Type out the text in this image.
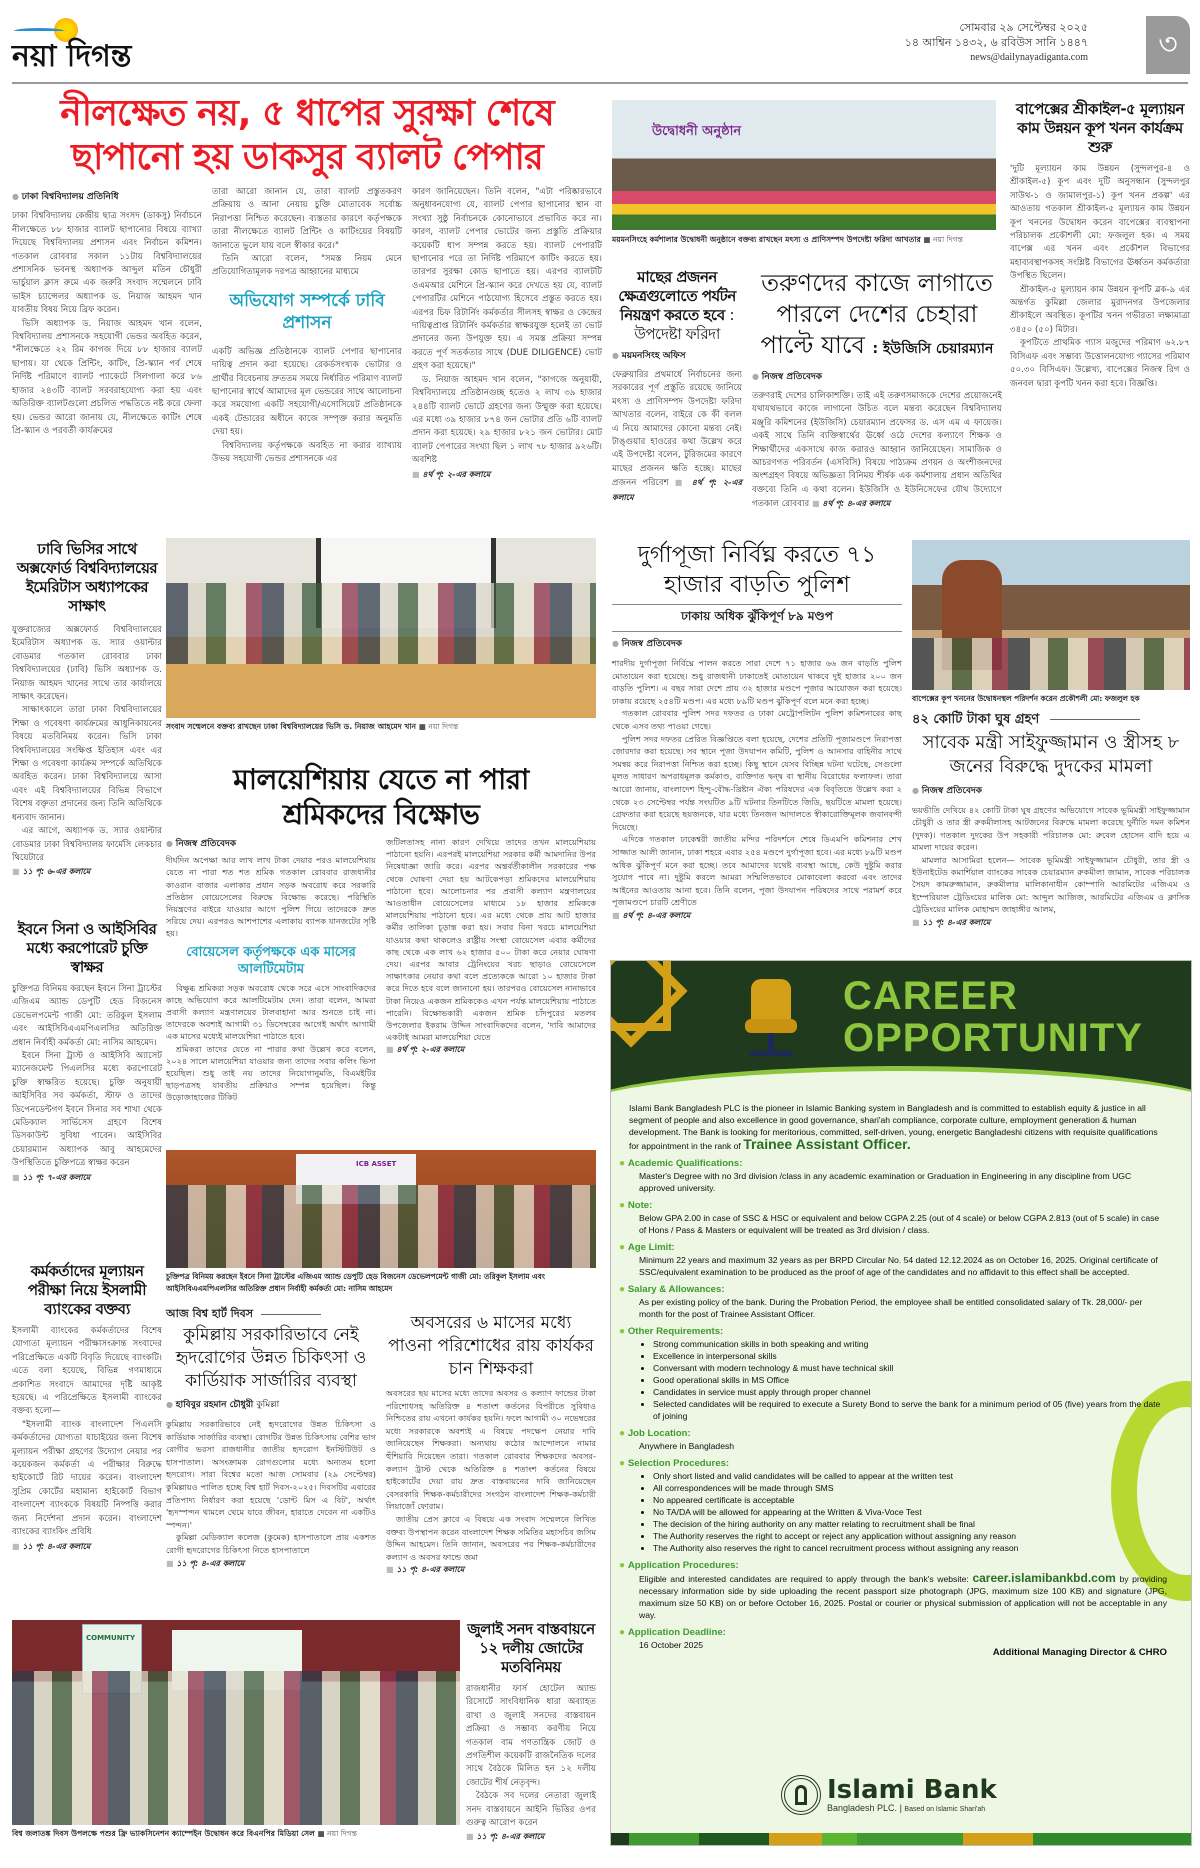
নয়া দিগন্ত
সোমবার ২৯ সেপ্টেম্বর ২০২৫
১৪ আশ্বিন ১৪৩২, ৬ রবিউস সানি ১৪৪৭
news@dailynayadiganta.com	৩
নীলক্ষেত নয়, ৫ ধাপের সুরক্ষা শেষে
ছাপানো হয় ডাকসুর ব্যালট পেপার
● ঢাকা বিশ্ববিদ্যালয় প্রতিনিধি

ঢাকা বিশ্ববিদ্যালয় কেন্দ্রীয় ছাত্র সংসদ (ডাকসু) নির্বাচনে নীলক্ষেতে ৮৮ হাজার ব্যালট ছাপানোর বিষয়ে ব্যাখ্যা দিয়েছে বিশ্ববিদ্যালয় প্রশাসন এবং নির্বাচন কমিশন। গতকাল রোববার সকাল ১১টায় বিশ্ববিদ্যালয়ের প্রশাসনিক ভবনস্থ অধ্যাপক আব্দুল মতিন চৌধুরী ভার্চুয়াল ক্লাস রুমে এক জরুরি সংবাদ সম্মেলনে ঢাবি ভাইস চ্যান্সেলর অধ্যাপক ড. নিয়াজ আহমদ খান যাবতীয় বিষয় নিয়ে ব্রিফ করেন।

ভিসি অধ্যাপক ড. নিয়াজ আহমদ খান বলেন, বিশ্ববিদ্যালয় প্রশাসনকে সহযোগী ভেন্ডর অবহিত করেন, "নীলক্ষেতে ২২ রিম কাগজ দিয়ে ৮৮ হাজার ব্যালট ছাপায়। যা থেকে প্রিন্টিং, কাটিং, প্রি-স্ক্যান পর্ব শেষে নির্দিষ্ট পরিমাণে ব্যালট প্যাকেটে সিলগালা করে ৮৬ হাজার ২৪৩টি ব্যালট সরবরাহযোগ্য করা হয় এবং অতিরিক্ত ব্যালটগুলো প্রচলিত পদ্ধতিতে নষ্ট করে ফেলা হয়। ভেন্ডর আরো জানায় যে, নীলক্ষেতে কাটিং শেষে প্রি-স্ক্যান ও পরবর্তী কার্যক্রমের

তারা আরো জানান যে, তারা ব্যালট প্রস্তুতকরণ প্রক্রিয়ায় ও আনা নেয়ায় চুক্তি মোতাবেক সর্বোচ্চ নিরাপত্তা নিশ্চিত করেছেন। ব্যস্ততার কারণে কর্তৃপক্ষকে তারা নীলক্ষেতে ব্যালট প্রিন্টিং ও কাটিংয়ের বিষয়টি জানাতে ভুলে যায় বলে স্বীকার করে।"

তিনি আরো বলেন, "সমস্ত নিয়ম মেনে প্রতিযোগিতামূলক দরপত্র আহ্বানের মাধ্যমে

অভিযোগ সম্পর্কে ঢাবি প্রশাসন

একটি অভিজ্ঞ প্রতিষ্ঠানকে ব্যালট পেপার ছাপানোর দায়িত্ব প্রদান করা হয়েছে। রেকর্ডসংখ্যক ভোটার ও প্রার্থীর বিবেচনায় দ্রুততম সময়ে নির্ধারিত পরিমাণ ব্যালট ছাপানোর স্বার্থে আমাদের মূল ভেন্ডরের সাথে আলোচনা করে সমযোগ্য একটি সহযোগী/এসোসিয়েট প্রতিষ্ঠানকে একই টেন্ডারের অধীনে কাজে সম্পৃক্ত করার অনুমতি দেয়া হয়।

বিশ্ববিদ্যালয় কর্তৃপক্ষকে অবহিত না করার ব্যাখ্যায় উভয় সহযোগী ভেন্ডর প্রশাসনকে এর

কারণ জানিয়েছেন। তিনি বলেন, "এটা পরিষ্কারভাবে অনুধাবনযোগ্য যে, ব্যালট পেপার ছাপানোর স্থান বা সংখ্যা সুষ্ঠু নির্বাচনকে কোনোভাবে প্রভাবিত করে না। কারণ, ব্যালট পেপার ভোটের জন্য প্রস্তুতি প্রক্রিয়ার কয়েকটি ধাপ সম্পন্ন করতে হয়। ব্যালট পেপারটি ছাপানোর পরে তা নির্দিষ্ট পরিমাপে কাটিং করতে হয়। তারপর সুরক্ষা কোড ছাপাতে হয়। এরপর ব্যালটটি ওএমআর মেশিনে প্রি-স্ক্যান করে দেখতে হয় যে, ব্যালট পেপারটির মেশিনে পাঠযোগ্য হিসেবে প্রস্তুত করতে হয়। এরপর চিফ রিটার্নিং কর্মকর্তার সীলসহ স্বাক্ষর ও কেন্দ্রের দায়িত্বপ্রাপ্ত রিটার্নিং কর্মকর্তার স্বাক্ষরযুক্ত হলেই তা ভোট প্রদানের জন্য উপযুক্ত হয়। এ সমস্ত প্রক্রিয়া সম্পন্ন করতে পূর্ণ সতর্কতার সাথে (DUE DILIGENCE) ভোট গ্রহণ করা হয়েছে।"

ড. নিয়াজ আহমদ খান বলেন, "কাগজে অনুযায়ী, বিশ্ববিদ্যালয়ে প্রতিষ্ঠানগুচ্ছ হতেও ২ লাখ ৩৯ হাজার ২৪৪টি ব্যালট ভোটে গ্রহণের জন্য উন্মুক্ত করা হয়েছে। এর মধ্যে ৩৯ হাজার ৮৭৪ জন ভোটার প্রতি ৬টি ব্যালট প্রদান করা হয়েছে। ২৯ হাজার ৮২১ জন ভোটার। মোট ব্যালট পেপারের সংখ্যা ছিল ১ লাখ ৭৮ হাজার ৯২৬টি। অবশিষ্ট

■ ৪র্থ পৃ: ২-এর কলামে
উদ্বোধনী অনুষ্ঠান
ময়মনসিংহে কর্মশালার উদ্বোধনী অনুষ্ঠানে বক্তব্য রাখছেন মৎস্য ও প্রাণিসম্পদ উপদেষ্টা ফরিদা আখতার ■ নয়া দিগন্ত
মাছের প্রজনন ক্ষেত্রগুলোতে পর্যটন নিয়ন্ত্রণ করতে হবে : উপদেষ্টা ফরিদা
● ময়মনসিংহ অফিস
ফেব্রুয়ারির প্রথমার্ধে নির্বাচনের জন্য সরকারের পূর্ণ প্রস্তুতি রয়েছে জানিয়ে মৎস্য ও প্রাণিসম্পদ উপদেষ্টা ফরিদা আখতার বলেন, বাইরে কে কী বলল এ নিয়ে আমাদের কোনো মন্তব্য নেই। টাঙ্গুয়ার হাওরের কথা উল্লেখ করে এই উপদেষ্টা বলেন, টুরিজমের কারণে মাছের প্রজনন ক্ষতি হচ্ছে। মাছের প্রজনন পরিবেশ	■ ৪র্থ পৃ: ২-এর কলামে
তরুণদের কাজে লাগাতে পারলে দেশের চেহারা পাল্টে যাবে : ইউজিসি চেয়ারম্যান
● নিজস্ব প্রতিবেদক
তরুণরাই দেশের চালিকাশক্তি। তাই এই তরুণসমাজকে দেশের প্রয়োজনেই যথাযথভাবে কাজে লাগানো উচিত বলে মন্তব্য করেছেন বিশ্ববিদ্যালয় মঞ্জুরি কমিশনের (ইউজিসি) চেয়ারম্যান প্রফেসর ড. এস এম এ ফায়েজ। একই সাথে তিনি ব্যক্তিস্বার্থের ঊর্ধ্বে ওঠে দেশের কল্যাণে শিক্ষক ও শিক্ষার্থীদের একসাথে কাজ করারও আহ্বান জানিয়েছেন। সামাজিক ও আচরণগত পরিবর্তন (এসবিসি) বিষয়ে পাঠ্যক্রম প্রণয়ন ও অংশীজনদের অংশগ্রহণ বিষয়ে অভিজ্ঞতা বিনিময় শীর্ষক এক কর্মশালায় প্রধান অতিথির বক্তব্যে তিনি এ কথা বলেন। ইউজিসি ও ইউনিসেফের যৌথ উদ্যোগে গতকাল রোববার ■ ৪র্থ পৃ: ৪-এর কলামে
বাপেক্সের শ্রীকাইল-৫ মূল্যায়ন কাম উন্নয়ন কূপ খনন কার্যক্রম শুরু

'দুটি মূল্যায়ন কাম উন্নয়ন (সুন্দলপুর-৪ ও শ্রীকাইল-৫) কূপ এবং দুটি অনুসন্ধান (সুন্দলপুর সাউথ-১ ও জামালপুর-১) কূপ খনন প্রকল্প' এর আওতায় গতকাল শ্রীকাইল-৫ মূল্যায়ন কাম উন্নয়ন কূপ খননের উদ্বোধন করেন বাপেক্সের ব্যবস্থাপনা পরিচালক প্রকৌশলী মো: ফজলুল হক। এ সময় বাপেক্স এর খনন এবং প্রকৌশল বিভাগের মহাব্যবস্থাপকসহ সংশ্লিষ্ট বিভাগের ঊর্ধ্বতন কর্মকর্তারা উপস্থিত ছিলেন।

শ্রীকাইল-৫ মূল্যায়ন কাম উন্নয়ন কূপটি ব্লক-৯ এর অন্তর্গত কুমিল্লা জেলার মুরাদনগর উপজেলার শ্রীকাইলে অবস্থিত। কূপটির খনন গভীরতা লক্ষ্যমাত্রা ৩৪৫০ (৫০) মিটার।

কূপটিতে প্রাথমিক গ্যাস মজুদের পরিমাণ ৬২.৮৭ বিসিএফ এবং সম্ভাব্য উত্তোলনযোগ্য গ্যাসের পরিমাণ ৫০.৩০ বিসিএফ। উল্লেখ্য, বাপেক্সের নিজস্ব রিগ ও জনবল দ্বারা কূপটি খনন করা হবে। বিজ্ঞপ্তি।

ঢাবি ভিসির সাথে অক্সফোর্ড বিশ্ববিদ্যালয়ের ইমেরিটাস অধ্যাপকের সাক্ষাৎ

যুক্তরাজ্যের অক্সফোর্ড বিশ্ববিদ্যালয়ের ইমেরিটাস অধ্যাপক ড. স্যার ওয়াল্টার বোডমার গতকাল রোববার ঢাকা বিশ্ববিদ্যালয়ের (ঢাবি) ভিসি অধ্যাপক ড. নিয়াজ আহমদ খানের সাথে তার কার্যালয়ে সাক্ষাৎ করেছেন।

সাক্ষাৎকালে তারা ঢাকা বিশ্ববিদ্যালয়ের শিক্ষা ও গবেষণা কার্যক্রমের আধুনিকায়নের বিষয়ে মতবিনিময় করেন। ভিসি ঢাকা বিশ্ববিদ্যালয়ের সংক্ষিপ্ত ইতিহাস এবং এর শিক্ষা ও গবেষণা কার্যক্রম সম্পর্কে অতিথিকে অবহিত করেন। ঢাকা বিশ্ববিদ্যালয়ে আসা এবং এই বিশ্ববিদ্যালয়ের বিভিন্ন বিভাগে বিশেষ বক্তৃতা প্রদানের জন্য তিনি অতিথিকে ধন্যবাদ জানান।

এর আগে, অধ্যাপক ড. স্যার ওয়াল্টার বোডমার ঢাকা বিশ্ববিদ্যালয় ফার্মেসি লেকচার থিয়েটারে

■ ১১ পৃ: ৬-এর কলামে
সংবাদ সম্মেলনে বক্তব্য রাখছেন ঢাকা বিশ্ববিদ্যালয়ের ভিসি ড. নিয়াজ আহমেদ খান ■ নয়া দিগন্ত
মালয়েশিয়ায় যেতে না পারা শ্রমিকদের বিক্ষোভ
● নিজস্ব প্রতিবেদক

দীর্ঘদিন অপেক্ষা আর লাখ লাখ টাকা দেয়ার পরও মালয়েশিয়ায় যেতে না পারা শত শত শ্রমিক গতকাল রোববার রাজধানীর কাওরান বাজার এলাকার প্রধান সড়ক অবরোধ করে সরকারি প্রতিষ্ঠান বোয়েসেলের বিরুদ্ধে বিক্ষোভ করেছে। পরিস্থিতি নিয়ন্ত্রণের বাইরে যাওয়ার আগে পুলিশ গিয়ে তাদেরকে দ্রুত সরিয়ে দেয়। এরপরও আশপাশের এলাকায় ব্যাপক যানজটের সৃষ্টি হয়।

বোয়েসেল কর্তৃপক্ষকে এক মাসের আলটিমেটাম

বিক্ষুব্ধ শ্রমিকরা সড়ক অবরোধ থেকে সরে এসে সাংবাদিকদের কাছে অভিযোগ করে আলটিমেটাম দেন। তারা বলেন, আমরা প্রবাসী কল্যাণ মন্ত্রণালয়ের টালবাহানা আর শুনতে চাই না। তাদেরকে অবশ্যই আগামী ৩১ ডিসেম্বরের আগেই অর্থাৎ আগামী এক মাসের মধ্যেই মালয়েশিয়া পাঠাতে হবে।

শ্রমিকরা তাদের যেতে না পারার কথা উল্লেখ করে বলেন, ২০২৪ সালে মালয়েশিয়া যাওয়ার জন্য তাদের সবার কলিং ভিসা হয়েছিল। শুধু তাই নয় তাদের নিয়োগানুমতি, বিএমইটির ছাড়পত্রসহ যাবতীয় প্রক্রিয়াও সম্পন্ন হয়েছিল। কিন্তু উড়োজাহাজের টিকিট

জটিলতাসহ নানা কারণ দেখিয়ে তাদের তখন মালয়েশিয়ায় পাঠানো হয়নি। এরপরই মালয়েশিয়া সরকার কর্মী আমদানির উপর নিষেধাজ্ঞা জারি করে। এরপর অন্তর্বর্তীকালীন সরকারের পক্ষ থেকে ঘোষণা দেয়া হয় আটকেপড়া শ্রমিকদের মালয়েশিয়ায় পাঠানো হবে। আলোচনার পর প্রবাসী কল্যাণ মন্ত্রণালয়ের আওতাধীন বোয়েসেলের মাধ্যমে ১৮ হাজার শ্রমিককে মালয়েশিয়ায় পাঠানো হবে। এর মধ্যে থেকে প্রায় আট হাজার কর্মীর তালিকা চূড়ান্ত করা হয়। সবার বিনা খরচে মালয়েশিয়া যাওয়ার কথা থাকলেও রাষ্ট্রীয় সংস্থা বোয়েসেল এবার কর্মীদের কাছ থেকে এক লাখ ৬২ হাজার ৫০০ টাকা করে নেয়ার ঘোষণা দেয়। এরপর আবার ট্রেনিংয়ের খরচ ছাড়াও বোয়েসেলে সাক্ষাৎকার নেয়ার কথা বলে প্রত্যেককে আরো ১০ হাজার টাকা করে দিতে হবে বলে জানানো হয়। তারপরও বোয়েসেল নানাভাবে টাকা নিয়েও একজন শ্রমিককেও এখন পর্যন্ত মালয়েশিয়ায় পাঠাতে পারেনি। বিক্ষোভকারী একজন শ্রমিক চাঁদপুরের মতলব উপজেলার ইকরাম উদ্দিন সাংবাদিকদের বলেন, 'দাবি আমাদের একটাই আমরা মালয়েশিয়া যেতে

■ ৪র্থ পৃ: ২-এর কলামে
দুর্গাপূজা নির্বিঘ্ন করতে ৭১ হাজার বাড়তি পুলিশ
ঢাকায় অধিক ঝুঁকিপূর্ণ ৮৯ মণ্ডপ
● নিজস্ব প্রতিবেদক

শারদীয় দুর্গাপূজা নির্বিঘ্নে পালন করতে সারা দেশে ৭১ হাজার ৬৬ জন বাড়তি পুলিশ মোতায়েন করা হয়েছে। শুধু রাজধানী ঢাকাতেই মোতায়েন থাকবে দুই হাজার ২০০ জন বাড়তি পুলিশ। এ বছর সারা দেশে প্রায় ৩২ হাজার মণ্ডপে পূজার আয়োজন করা হয়েছে। ঢাকায় রয়েছে ২৫৪টি মণ্ডপ। এর মধ্যে ৮৯টি মণ্ডপ ঝুঁকিপূর্ণ বলে মনে করা হচ্ছে।

গতকাল রোববার পুলিশ সদর দফতর ও ঢাকা মেট্রোপলিটন পুলিশ কমিশনারের কাছ থেকে এসব তথ্য পাওয়া গেছে।

পুলিশ সদর দফতর প্রেরিত বিজ্ঞপ্তিতে বলা হয়েছে, দেশের প্রতিটি পূজামণ্ডপে নিরাপত্তা জোরদার করা হয়েছে। সব স্থানে পূজা উদযাপন কমিটি, পুলিশ ও আনসার বাহিনীর সাথে সমন্বয় করে নিরাপত্তা নিশ্চিত করা হচ্ছে। কিছু স্থানে যেসব বিচ্ছিন্ন ঘটনা ঘটেছে, সেগুলো মূলত সাধারণ অপরাধমূলক কর্মকাণ্ড, ব্যক্তিগত দ্বন্দ্ব বা স্থানীয় বিরোধের ফলাফল। তারা আরো জানায়, বাংলাদেশ হিন্দু-বৌদ্ধ-খ্রিষ্টান ঐক্য পরিষদের এক বিবৃতিতে উল্লেখ করা ২ থেকে ২৩ সেপ্টেম্বর পর্যন্ত সংঘটিত ৯টি ঘটনার তিনটিতে জিডি, ছয়টিতে মামলা হয়েছে। গ্রেফতার করা হয়েছে ছয়জনকে, যার মধ্যে তিনজন আদালতে স্বীকারোক্তিমূলক জবানবন্দী দিয়েছে।

এদিকে গতকাল ঢাকেশ্বরী জাতীয় মন্দির পরিদর্শনে শেষে ডিএমপি কমিশনার শেখ সাজ্জাত আলী জানান, ঢাকা শহরে এবার ২৫৪ মণ্ডপে দুর্গাপূজা হবে। এর মধ্যে ৮৯টি মণ্ডপ অধিক ঝুঁকিপূর্ণ মনে করা হচ্ছে। তবে আমাদের যথেষ্ট ব্যবস্থা আছে, কেউ দুষ্টুমি করার সুযোগ পাবে না। দুষ্টুমি করলে আমরা সম্মিলিতভাবে মোকাবেলা করবো এবং তাদের আইনের আওতায় আনা হবে। তিনি বলেন, পূজা উদযাপন পরিষদের সাথে পরামর্শ করে পূজামণ্ডপে চারটি শ্রেণীতে

■ ৪র্থ পৃ: ৪-এর কলামে
বাপেক্সের কূপ খননের উদ্বোধনস্থল পরিদর্শন করেন প্রকৌশলী মো: ফজলুল হক
৪২ কোটি টাকা ঘুষ গ্রহণ
সাবেক মন্ত্রী সাইফুজ্জামান ও স্ত্রীসহ ৮ জনের বিরুদ্ধে দুদকের মামলা
● নিজস্ব প্রতিবেদক

ভয়ভীতি দেখিয়ে ৪২ কোটি টাকা ঘুষ গ্রহণের অভিযোগে সাবেক ভূমিমন্ত্রী সাইফুজ্জামান চৌধুরী ও তার স্ত্রী রুকমীলাসহ আটজনের বিরুদ্ধে মামলা করেছে দুর্নীতি দমন কমিশন (দুদক)। গতকাল দুদকের উপ সহকারী পরিচালক মো: রুবেল হোসেন বাদি হয়ে এ মামলা দায়ের করেন।

মামলার আসামিরা হলেন— সাবেক ভূমিমন্ত্রী সাইফুজ্জামান চৌধুরী, তার স্ত্রী ও ইউনাইটেড কমার্শিয়াল ব্যাংকের সাবেক চেয়ারম্যান রুকমীলা জামান, সাবেক পরিচালক সৈয়দ কামরুজ্জামান, রুকমীলার মালিকানাধীন কোম্পানি আরমিটের এজিএম ও ইম্পেরিয়াল ট্রেডিংয়ের মালিক মো: আব্দুল আজিজ, আরমিটের এজিএম ও ক্লাসিক ট্রেডিংয়ের মালিক মোহাম্মদ জাহাঙ্গীর আলম,

■ ১১ পৃ: ৪-এর কলামে
ইবনে সিনা ও আইসিবির মধ্যে করপোরেট চুক্তি স্বাক্ষর

চুক্তিপত্র বিনিময় করছেন ইবনে সিনা ট্রাস্টের এজিএম অ্যান্ড ডেপুটি হেড বিজনেস ডেভেলপমেন্ট গাজী মো: তরিকুল ইসলাম এবং আইসিবিএএমপিএলসির অতিরিক্ত প্রধান নির্বাহী কর্মকর্তা মো: নাসিম আহমেদ।

ইবনে সিনা ট্রাস্ট ও আইসিবি অ্যাসেট ম্যানেজমেন্ট পিএলসির মধ্যে করপোরেট চুক্তি স্বাক্ষরিত হয়েছে। চুক্তি অনুযায়ী আইসিবির সব কর্মকর্তা, স্টাফ ও তাদের ডিপেনডেন্টগণ ইবনে সিনার সব শাখা থেকে মেডিক্যাল সার্ভিসেস গ্রহণে বিশেষ ডিসকাউন্ট সুবিধা পাবেন। আইসিবির চেয়ারম্যান অধ্যাপক আবু আহমেদের উপস্থিতিতে চুক্তিপত্রে স্বাক্ষর করেন

■ ১১ পৃ: ৭-এর কলামে
ICB ASSET
চুক্তিপত্র বিনিময় করছেন ইবনে সিনা ট্রাস্টের এজিএম অ্যান্ড ডেপুটি হেড বিজনেস ডেভেলপমেন্ট গাজী মো: তরিকুল ইসলাম এবং আইসিবিএএমপিএলসির অতিরিক্ত প্রধান নির্বাহী কর্মকর্তা মো: নাসিম আহমেদ
কর্মকর্তাদের মূল্যায়ন পরীক্ষা নিয়ে ইসলামী ব্যাংকের বক্তব্য

ইসলামী ব্যাংকের কর্মকর্তাদের বিশেষ যোগ্যতা মূল্যায়ন পরীক্ষাসংক্রান্ত সংবাদের পরিপ্রেক্ষিতে একটি বিবৃতি দিয়েছে ব্যাংকটি। এতে বলা হয়েছে, বিভিন্ন গণমাধ্যমে প্রকাশিত সংবাদে আমাদের দৃষ্টি আকৃষ্ট হয়েছে। এ পরিপ্রেক্ষিতে ইসলামী ব্যাংকের বক্তব্য হলো—

"ইসলামী ব্যাংক বাংলাদেশ পিএলসি কর্মকর্তাদের যোগ্যতা যাচাইয়ের জন্য বিশেষ মূল্যায়ন পরীক্ষা গ্রহণের উদ্যোগ নেয়ার পর কয়েকজন কর্মকর্তা এ পরীক্ষার বিরুদ্ধে হাইকোর্টে রিট দায়ের করেন। বাংলাদেশ সুপ্রিম কোর্টের মহামান্য হাইকোর্ট বিভাগ বাংলাদেশ ব্যাংককে বিষয়টি নিষ্পত্তি করার জন্য নির্দেশনা প্রদান করেন। বাংলাদেশ ব্যাংকের ব্যাংকিং প্রবিধি

■ ১১ পৃ: ৪-এর কলামে
আজ বিশ্ব হার্ট দিবস
কুমিল্লায় সরকারিভাবে নেই হৃদরোগের উন্নত চিকিৎসা ও কার্ডিয়াক সার্জারির ব্যবস্থা
● হাবিবুর রহমান চৌধুরী কুমিল্লা

কুমিল্লায় সরকারিভাবে নেই হৃদরোগের উন্নত চিকিৎসা ও কার্ডিয়াক সার্জারির ব্যবস্থা। রোগটির উন্নত চিকিৎসায় বেশির ভাগ রোগীর ভরসা রাজধানীর জাতীয় হৃদরোগ ইনস্টিটিউট ও হাসপাতাল। অসংক্রামক রোগগুলোর মধ্যে অন্যতম হলো হৃদরোগ। সারা বিশ্বের মতো আজ সোমবার (২৯ সেপ্টেম্বর) কুমিল্লায়ও পালিত হচ্ছে বিশ্ব হার্ট দিবস-২০২৫। দিবসটির এবারের প্রতিপাদ্য নির্ধারণ করা হয়েছে 'ডোন্ট মিস এ বিট', অর্থাৎ 'হৃদস্পন্দন থামলে থেমে যাবে জীবন, হারাতে দেবেন না একটিও স্পন্দন।'

কুমিল্লা মেডিক্যাল কলেজ (কুমেক) হাসপাতালে প্রায় একশত রোগী হৃদরোগের চিকিৎসা নিতে হাসপাতালে

■ ১১ পৃ: ৪-এর কলামে
অবসরের ৬ মাসের মধ্যে পাওনা পরিশোধের রায় কার্যকর চান শিক্ষকরা

অবসরের ছয় মাসের মধ্যে তাদের অবসর ও কল্যাণ ফান্ডের টাকা পরিশোধসহ অতিরিক্ত ৪ শতাংশ কর্তনের বিপরীতে সুবিধাও নিশ্চিতের রায় এখনো কার্যকর হয়নি। ফলে আগামী ৩০ নভেম্বরের মধ্যে সরকারকে অবশ্যই এ বিষয়ে পদক্ষেপ নেয়ার দাবি জানিয়েছেন শিক্ষকরা। অন্যথায় কঠোর আন্দোলনে নামার হুঁশিয়ারি দিয়েছেন তারা। গতকাল রোববার শিক্ষকদের অবসর-কল্যাণ ট্রাস্ট থেকে অতিরিক্ত ৪ শতাংশ কর্তনের বিষয়ে হাইকোর্টের দেয়া রায় দ্রুত বাস্তবায়নের দাবি জানিয়েছেন বেসরকারি শিক্ষক-কর্মচারীদের সংগঠন বাংলাদেশ শিক্ষক-কর্মচারী লিয়াজোঁ ফোরাম।

জাতীয় প্রেস ক্লাবে এ বিষয়ে এক সংবাদ সম্মেলনে লিখিত বক্তব্য উপস্থাপন করেন বাংলাদেশ শিক্ষক সমিতির মহাসচিব জসিম উদ্দিন আহমেদ। তিনি জানান, অবসরের পর শিক্ষক-কর্মচারীদের কল্যাণ ও অবসর ফান্ডে জমা

■ ১১ পৃ: ৪-এর কলামে
COMMUNITY
বিশ্ব জলাতঙ্ক দিবস উপলক্ষে পশুর ফ্রি ভ্যাকসিনেশন ক্যাম্পেইন উদ্বোধন করে বিএনপির মিডিয়া সেল ■ নয়া দিগন্ত
জুলাই সনদ বাস্তবায়নে ১২ দলীয় জোটের মতবিনিময়

রাজধানীর ফার্স হোটেল অ্যান্ড রিসোর্টে সাংবিধানিক ধারা অব্যাহত রাখা ও জুলাই সনদের বাস্তবায়ন প্রক্রিয়া ও সম্ভাব্য করণীয় নিয়ে গতকাল বাম গণতান্ত্রিক জোট ও প্রগতিশীল কয়েকটি রাজনৈতিক দলের সাথে বৈঠকে মিলিত হন ১২ দলীয় জোটের শীর্ষ নেতৃবৃন্দ।

বৈঠকে সব দলের নেতারা জুলাই সনদ বাস্তবায়নে আইনি ভিত্তির ওপর গুরুত্ব আরোপ করেন

■ ১১ পৃ: ৪-এর কলামে
CAREER
OPPORTUNITY

Islami Bank Bangladesh PLC is the pioneer in Islamic Banking system in Bangladesh and is committed to establish equity & justice in all segment of people and also excellence in good governance, shari'ah compliance, corporate culture, employment generation & human development. The Bank is looking for meritorious, committed, self-driven, young, energetic Bangladeshi citizens with requisite qualifications for appointment in the rank of Trainee Assistant Officer.

● Academic Qualifications:

Master's Degree with no 3rd division /class in any academic examination or Graduation in Engineering in any discipline from UGC approved university.

● Note:

Below GPA 2.00 in case of SSC & HSC or equivalent and below CGPA 2.25 (out of 4 scale) or below CGPA 2.813 (out of 5 scale) in case of Hons / Pass & Masters or equivalent will be treated as 3rd division / class.

● Age Limit:

Minimum 22 years and maximum 32 years as per BRPD Circular No. 54 dated 12.12.2024 as on October 16, 2025. Original certificate of SSC/equivalent examination to be produced as the proof of age of the candidates and no affidavit to this effect shall be accepted.

● Salary & Allowances:

As per existing policy of the bank. During the Probation Period, the employee shall be entitled consolidated salary of Tk. 28,000/- per month for the post of Trainee Assistant Officer.

● Other Requirements:
• Strong communication skills in both speaking and writing
• Excellence in interpersonal skills
• Conversant with modern technology & must have technical skill
• Good operational skills in MS Office
• Candidates in service must apply through proper channel
• Selected candidates will be required to execute a Surety Bond to serve the bank for a minimum period of 05 (five) years from the date of joining
● Job Location:

Anywhere in Bangladesh

● Selection Procedures:
• Only short listed and valid candidates will be called to appear at the written test
• All correspondences will be made through SMS
• No appeared certificate is acceptable
• No TA/DA will be allowed for appearing at the Written & Viva-Voce Test
• The decision of the hiring authority on any matter relating to recruitment shall be final
• The Authority reserves the right to accept or reject any application without assigning any reason
• The Authority also reserves the right to cancel recruitment process without assigning any reason
● Application Procedures:

Eligible and interested candidates are required to apply through the bank's website: career.islamibankbd.com by providing necessary information side by side uploading the recent passport size photograph (JPG, maximum size 100 KB) and signature (JPG, maximum size 50 KB) on or before October 16, 2025. Postal or courier or physical submission of application will not be acceptable in any way.

● Application Deadline:
16 October 2025
Additional Managing Director & CHRO
Islami Bank
Bangladesh PLC. | Based on Islamic Shari'ah
